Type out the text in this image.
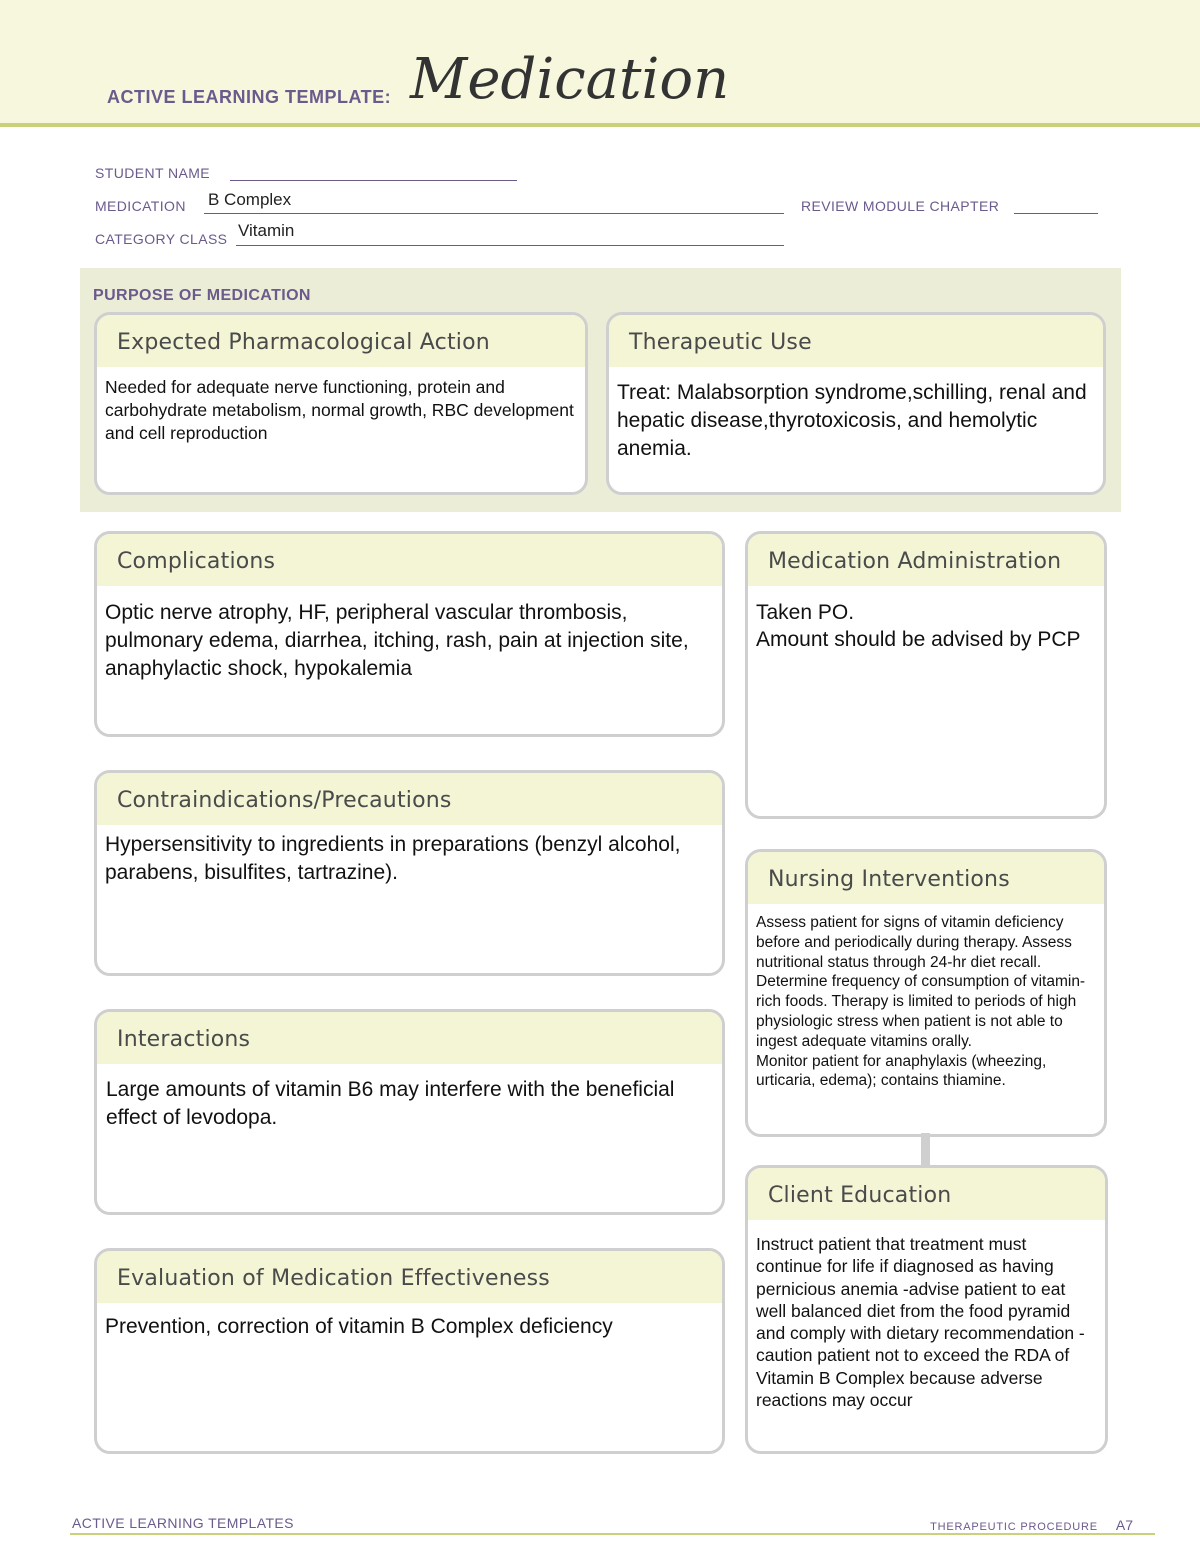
ACTIVE LEARNING TEMPLATE: Medication
STUDENT NAME
MEDICATION B Complex	REVIEW MODULE CHAPTER
CATEGORY CLASS Vitamin
PURPOSE OF MEDICATION
Expected Pharmacological Action
Needed for adequate nerve functioning, protein and carbohydrate metabolism, normal growth, RBC development and cell reproduction
Therapeutic Use
Treat: Malabsorption syndrome,schilling, renal and hepatic disease,thyrotoxicosis, and hemolytic anemia.
Complications
Optic nerve atrophy, HF, peripheral vascular thrombosis, pulmonary edema, diarrhea, itching, rash, pain at injection site, anaphylactic shock, hypokalemia
Contraindications/Precautions
Hypersensitivity to ingredients in preparations (benzyl alcohol, parabens, bisulfites, tartrazine).
Interactions
Large amounts of vitamin B6 may interfere with the beneficial effect of levodopa.
Evaluation of Medication Effectiveness
Prevention, correction of vitamin B Complex deficiency
Medication Administration
Taken PO.
Amount should be advised by PCP
Nursing Interventions
Assess patient for signs of vitamin deficiency before and periodically during therapy. Assess nutritional status through 24-hr diet recall. Determine frequency of consumption of vitamin-rich foods. Therapy is limited to periods of high physiologic stress when patient is not able to ingest adequate vitamins orally.
Monitor patient for anaphylaxis (wheezing, urticaria, edema); contains thiamine.
Client Education
Instruct patient that treatment must continue for life if diagnosed as having pernicious anemia -advise patient to eat well balanced diet from the food pyramid and comply with dietary recommendation -caution patient not to exceed the RDA of Vitamin B Complex because adverse reactions may occur
ACTIVE LEARNING TEMPLATES	THERAPEUTIC PROCEDURE A7
